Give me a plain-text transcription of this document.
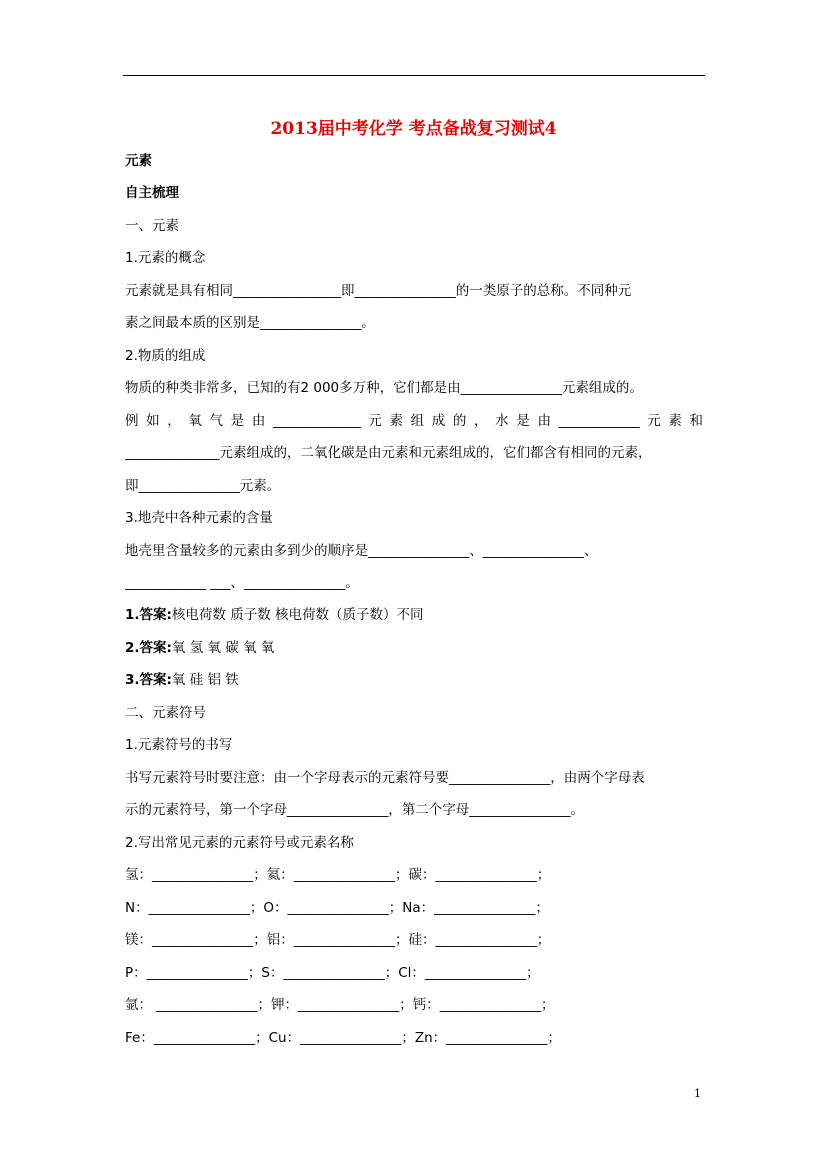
2013届中考化学 考点备战复习测试4
元素
自主梳理
一、元素
1.元素的概念
元素就是具有相同________________即_______________的一类原子的总称。不同种元
素之间最本质的区别是_______________。
2.物质的组成
物质的种类非常多，已知的有2 000多万种，它们都是由_______________元素组成的。
例如，氧气是由_____________元素组成的，水是由____________元素和
______________元素组成的，二氧化碳是由元素和元素组成的，它们都含有相同的元素，
即_______________元素。
3.地壳中各种元素的含量
地壳里含量较多的元素由多到少的顺序是_______________、_______________、
____________ ___、_______________。
1.答案:核电荷数 质子数 核电荷数（质子数）不同
2.答案:氧 氢 氧 碳 氧 氧
3.答案:氧 硅 铝 铁
二、元素符号
1.元素符号的书写
书写元素符号时要注意：由一个字母表示的元素符号要_______________，由两个字母表
示的元素符号，第一个字母_______________，第二个字母_______________。
2.写出常见元素的元素符号或元素名称
氢：_______________；氦：_______________；碳：_______________；
N：_______________；O：_______________；Na：_______________；
镁：_______________；铝：_______________；硅：_______________；
P：_______________；S：_______________；Cl：_______________；
氩： _______________；钾：_______________；钙：_______________；
Fe：_______________；Cu：_______________；Zn：_______________；
1
